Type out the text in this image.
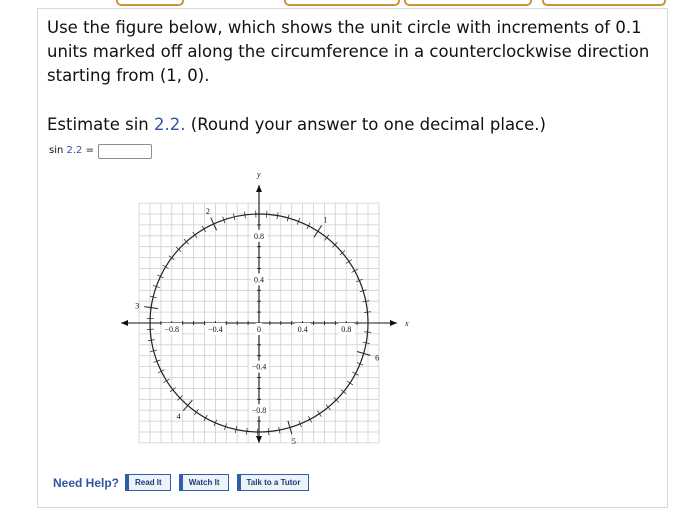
Use the figure below, which shows the unit circle with increments of 0.1
units marked off along the circumference in a counterclockwise direction
starting from (1, 0).
Estimate sin 2.2. (Round your answer to one decimal place.)
sin
2.2
=
−0.8	−0.4	0	0.4	0.8
0.8
0.4
−0.4
−0.8
x
y
1
2
3
4
5
6
Need Help?	Read It	Watch It	Talk to a Tutor
